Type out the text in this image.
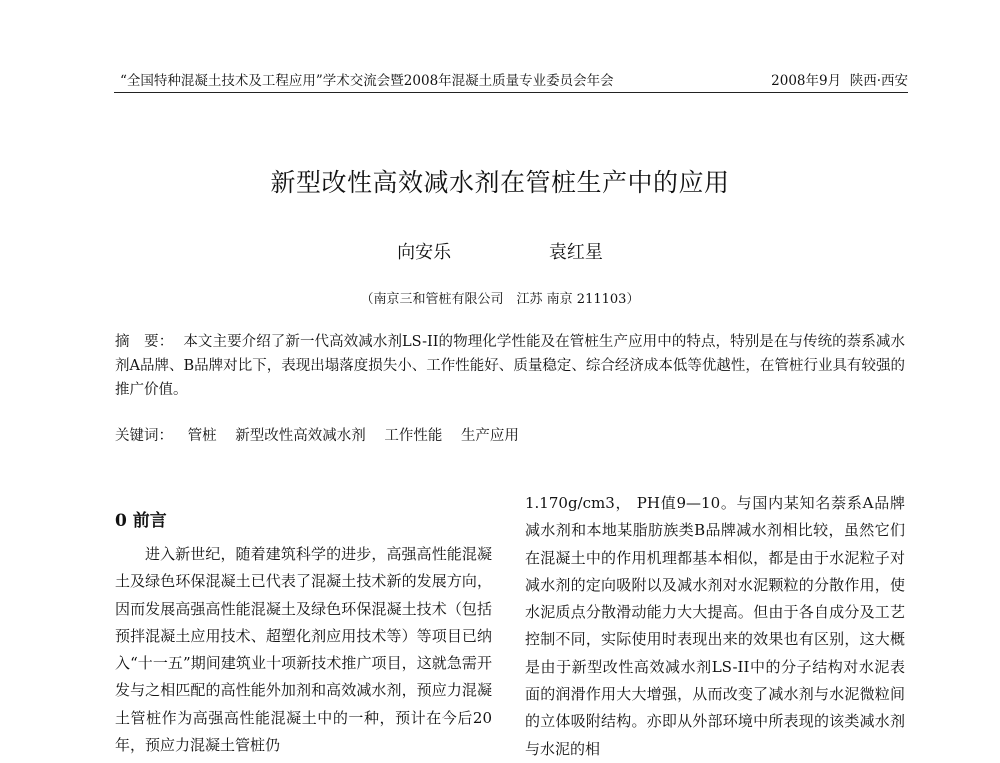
“全国特种混凝土技术及工程应用”学术交流会暨2008年混凝土质量专业委员会年会	2008年9月 陕西·西安
新型改性高效减水剂在管桩生产中的应用
向安乐	袁红星
（南京三和管桩有限公司　江苏 南京 211103）
摘　要： 本文主要介绍了新一代高效减水剂LS-II的物理化学性能及在管桩生产应用中的特点，特别是在与传统的萘系减水剂A品牌、B品牌对比下，表现出塌落度损失小、工作性能好、质量稳定、综合经济成本低等优越性，在管桩行业具有较强的推广价值。
关键词： 管桩 新型改性高效减水剂 工作性能 生产应用
0 前言

进入新世纪，随着建筑科学的进步，高强高性能混凝土及绿色环保混凝土已代表了混凝土技术新的发展方向，因而发展高强高性能混凝土及绿色环保混凝土技术（包括预拌混凝土应用技术、超塑化剂应用技术等）等项目已纳入“十一五”期间建筑业十项新技术推广项目，这就急需开发与之相匹配的高性能外加剂和高效减水剂，预应力混凝土管桩作为高强高性能混凝土中的一种，预计在今后20年，预应力混凝土管桩仍

1.170g/cm3， PH值9—10。与国内某知名萘系A品牌减水剂和本地某脂肪族类B品牌减水剂相比较，虽然它们在混凝土中的作用机理都基本相似，都是由于水泥粒子对减水剂的定向吸附以及减水剂对水泥颗粒的分散作用，使水泥质点分散滑动能力大大提高。但由于各自成分及工艺控制不同，实际使用时表现出来的效果也有区别，这大概是由于新型改性高效减水剂LS-II中的分子结构对水泥表面的润滑作用大大增强，从而改变了减水剂与水泥微粒间的立体吸附结构。亦即从外部环境中所表现的该类减水剂与水泥的相
